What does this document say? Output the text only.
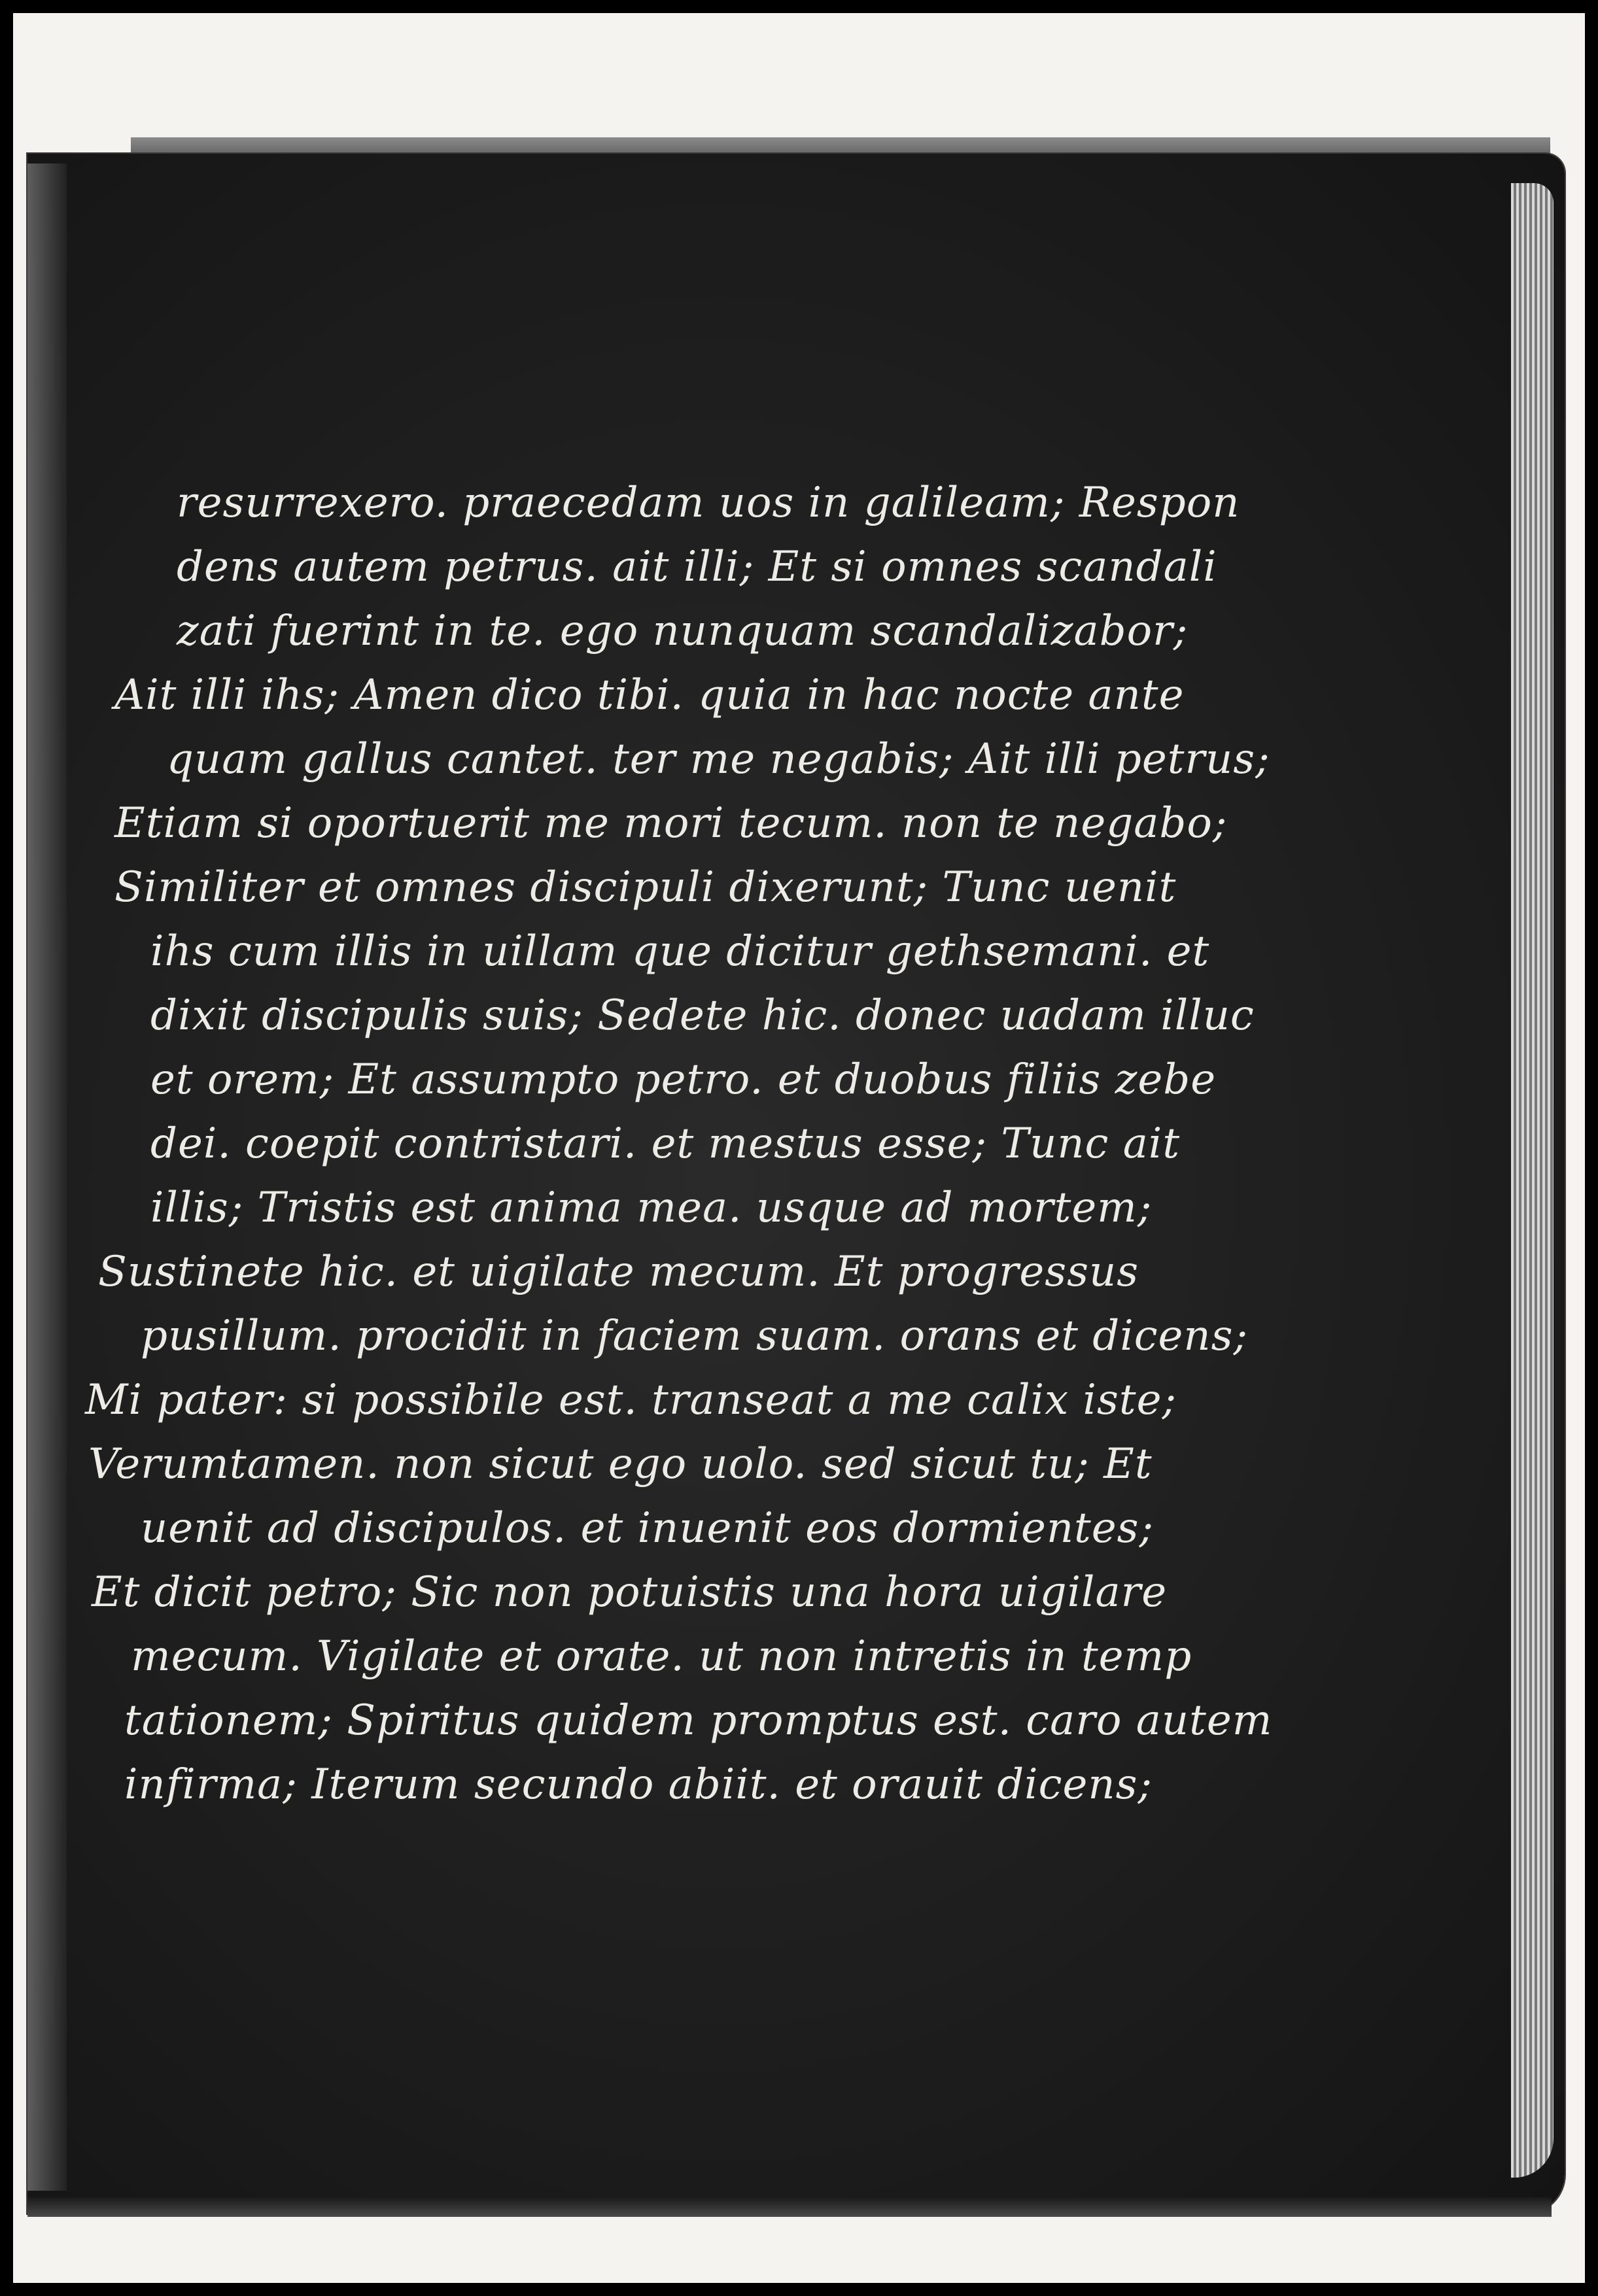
resurrexero. praecedam uos in galileam; Respon
dens autem petrus. ait illi; Et si omnes scandali
zati fuerint in te. ego nunquam scandalizabor;
Ait illi ihs; Amen dico tibi. quia in hac nocte ante
quam gallus cantet. ter me negabis; Ait illi petrus;
Etiam si oportuerit me mori tecum. non te negabo;
Similiter et omnes discipuli dixerunt; Tunc uenit
ihs cum illis in uillam que dicitur gethsemani. et
dixit discipulis suis; Sedete hic. donec uadam illuc
et orem; Et assumpto petro. et duobus filiis zebe
dei. coepit contristari. et mestus esse; Tunc ait
illis; Tristis est anima mea. usque ad mortem;
Sustinete hic. et uigilate mecum. Et progressus
pusillum. procidit in faciem suam. orans et dicens;
Mi pater: si possibile est. transeat a me calix iste;
Verumtamen. non sicut ego uolo. sed sicut tu; Et
uenit ad discipulos. et inuenit eos dormientes;
Et dicit petro; Sic non potuistis una hora uigilare
mecum. Vigilate et orate. ut non intretis in temp
tationem; Spiritus quidem promptus est. caro autem
infirma; Iterum secundo abiit. et orauit dicens;
